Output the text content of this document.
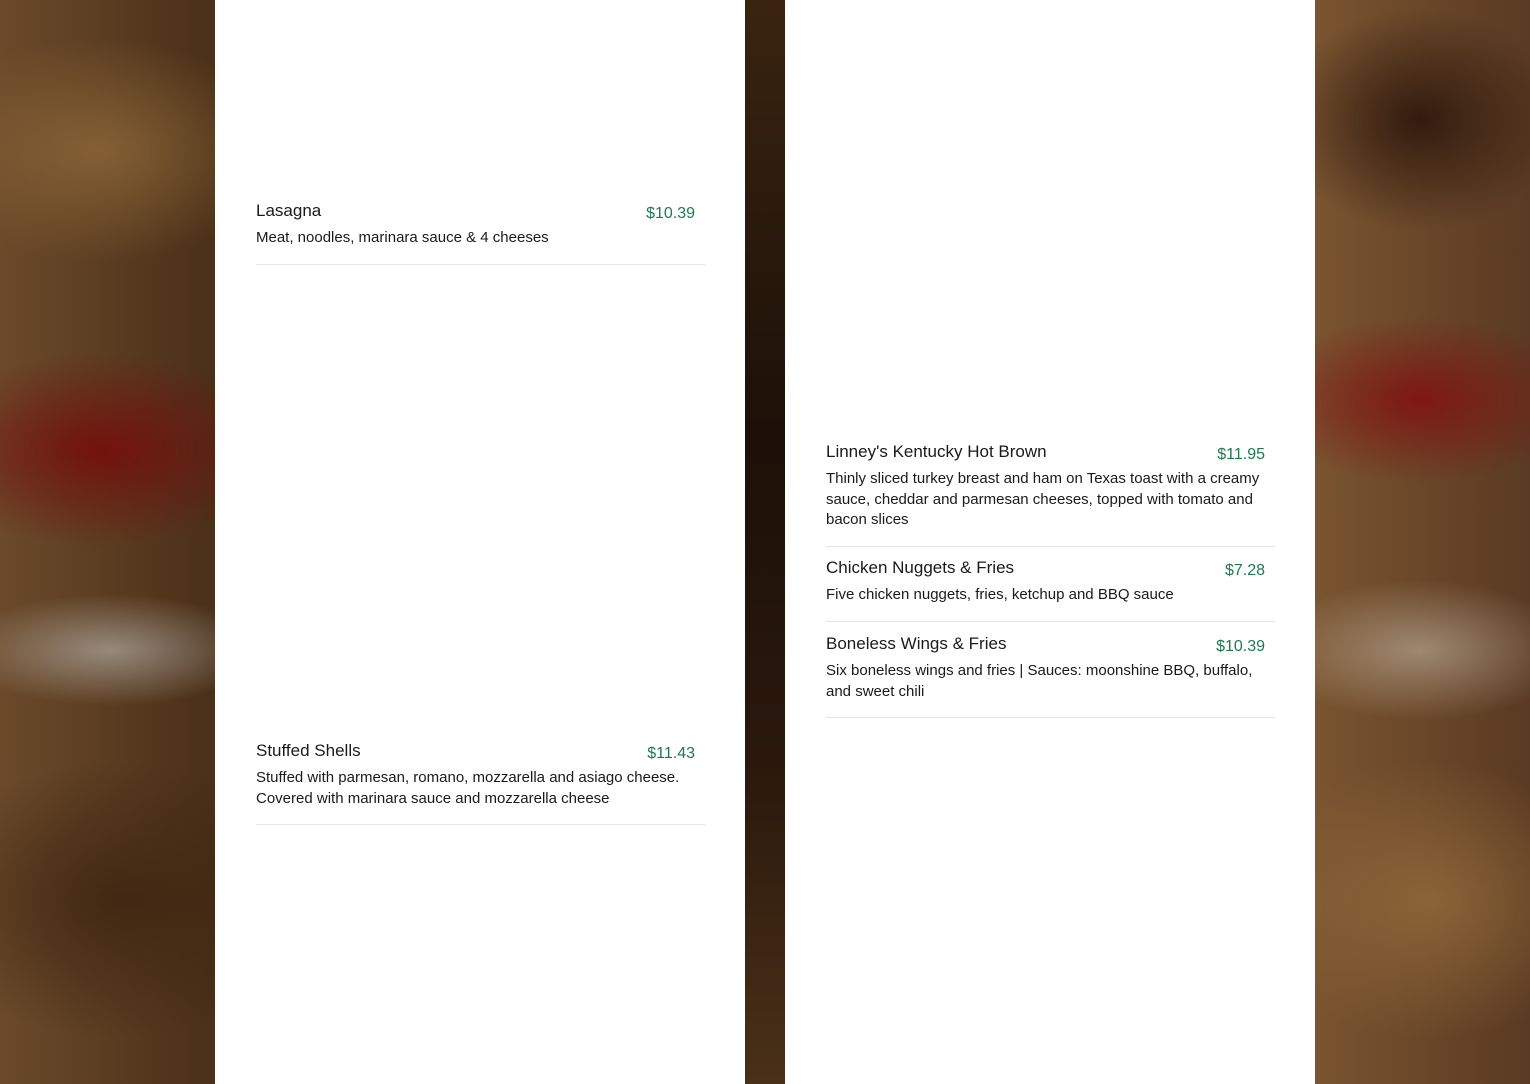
Lasagna	$10.39
Meat, noodles, marinara sauce & 4 cheeses
Stuffed Shells	$11.43
Stuffed with parmesan, romano, mozzarella and asiago cheese. Covered with marinara sauce and mozzarella cheese
Linney's Kentucky Hot Brown	$11.95
Thinly sliced turkey breast and ham on Texas toast with a creamy sauce, cheddar and parmesan cheeses, topped with tomato and bacon slices
Chicken Nuggets & Fries	$7.28
Five chicken nuggets, fries, ketchup and BBQ sauce
Boneless Wings & Fries	$10.39
Six boneless wings and fries | Sauces: moonshine BBQ, buffalo, and sweet chili
